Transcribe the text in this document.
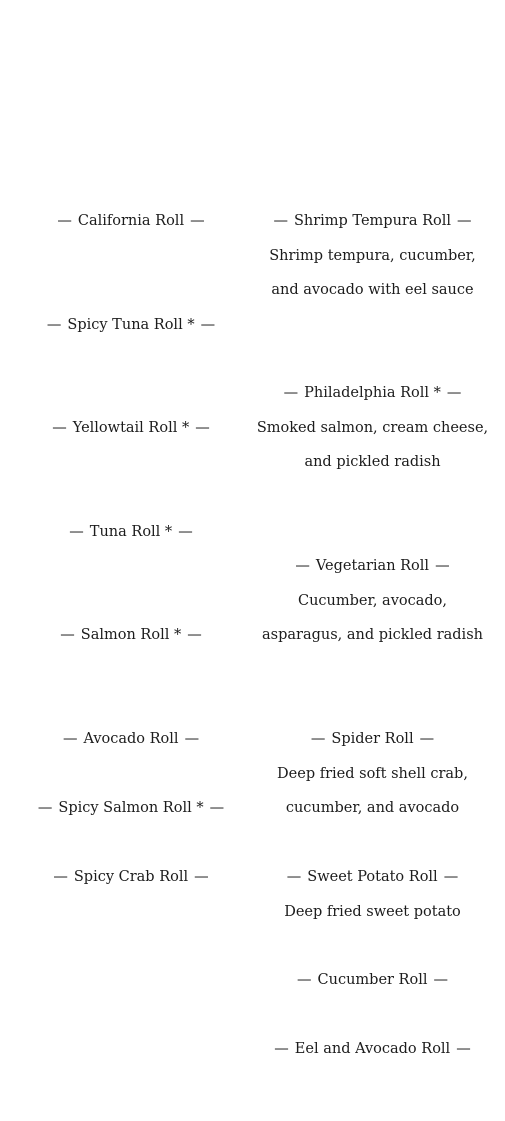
— California Roll —
— Spicy Tuna Roll * —
— Yellowtail Roll * —
— Tuna Roll * —
— Salmon Roll * —
— Avocado Roll —
— Spicy Salmon Roll * —
— Spicy Crab Roll —
— Shrimp Tempura Roll —
Shrimp tempura, cucumber,
and avocado with eel sauce
— Philadelphia Roll * —
Smoked salmon, cream cheese,
and pickled radish
— Vegetarian Roll —
Cucumber, avocado,
asparagus, and pickled radish
— Spider Roll —
Deep fried soft shell crab,
cucumber, and avocado
— Sweet Potato Roll —
Deep fried sweet potato
— Cucumber Roll —
— Eel and Avocado Roll —
